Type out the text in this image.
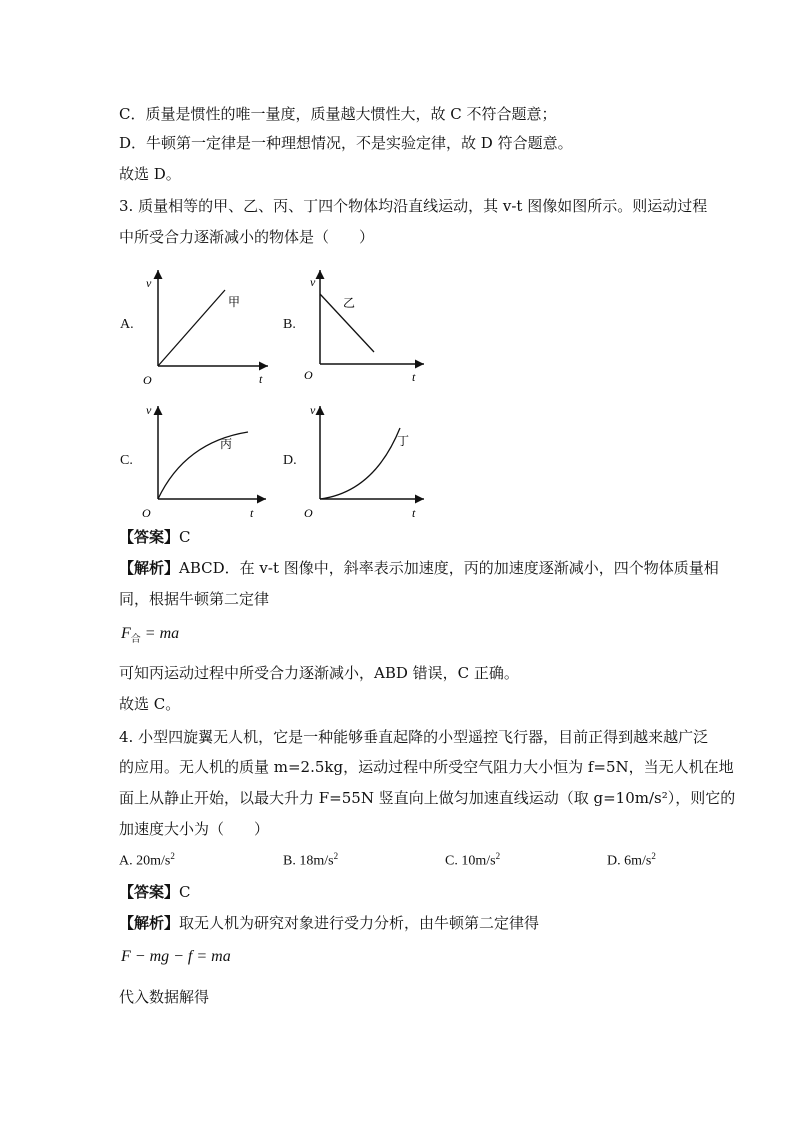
C．质量是惯性的唯一量度，质量越大惯性大，故 C 不符合题意；
D．牛顿第一定律是一种理想情况，不是实验定律，故 D 符合题意。
故选 D。
3. 质量相等的甲、乙、丙、丁四个物体均沿直线运动，其 v-t 图像如图所示。则运动过程
中所受合力逐渐减小的物体是（　　）
A.	B.
C.	D.
v
甲
O	t
v
乙
O	t
v
丙
O	t
v
丁
O	t
【答案】C
【解析】ABCD．在 v-t 图像中，斜率表示加速度，丙的加速度逐渐减小，四个物体质量相
同，根据牛顿第二定律
$F_合$ = ma
可知丙运动过程中所受合力逐渐减小，ABD 错误，C 正确。
故选 C。
4. 小型四旋翼无人机，它是一种能够垂直起降的小型遥控飞行器，目前正得到越来越广泛
的应用。无人机的质量 m=2.5kg，运动过程中所受空气阻力大小恒为 f=5N，当无人机在地
面上从静止开始，以最大升力 F=55N 竖直向上做匀加速直线运动（取 g=10m/s²），则它的
加速度大小为（　　）
A. $20m/s^2$	B. $18m/s^2$	C. $10m/s^2$	D. $6m/s^2$
【答案】C
【解析】取无人机为研究对象进行受力分析，由牛顿第二定律得
F − mg − f = ma
代入数据解得
